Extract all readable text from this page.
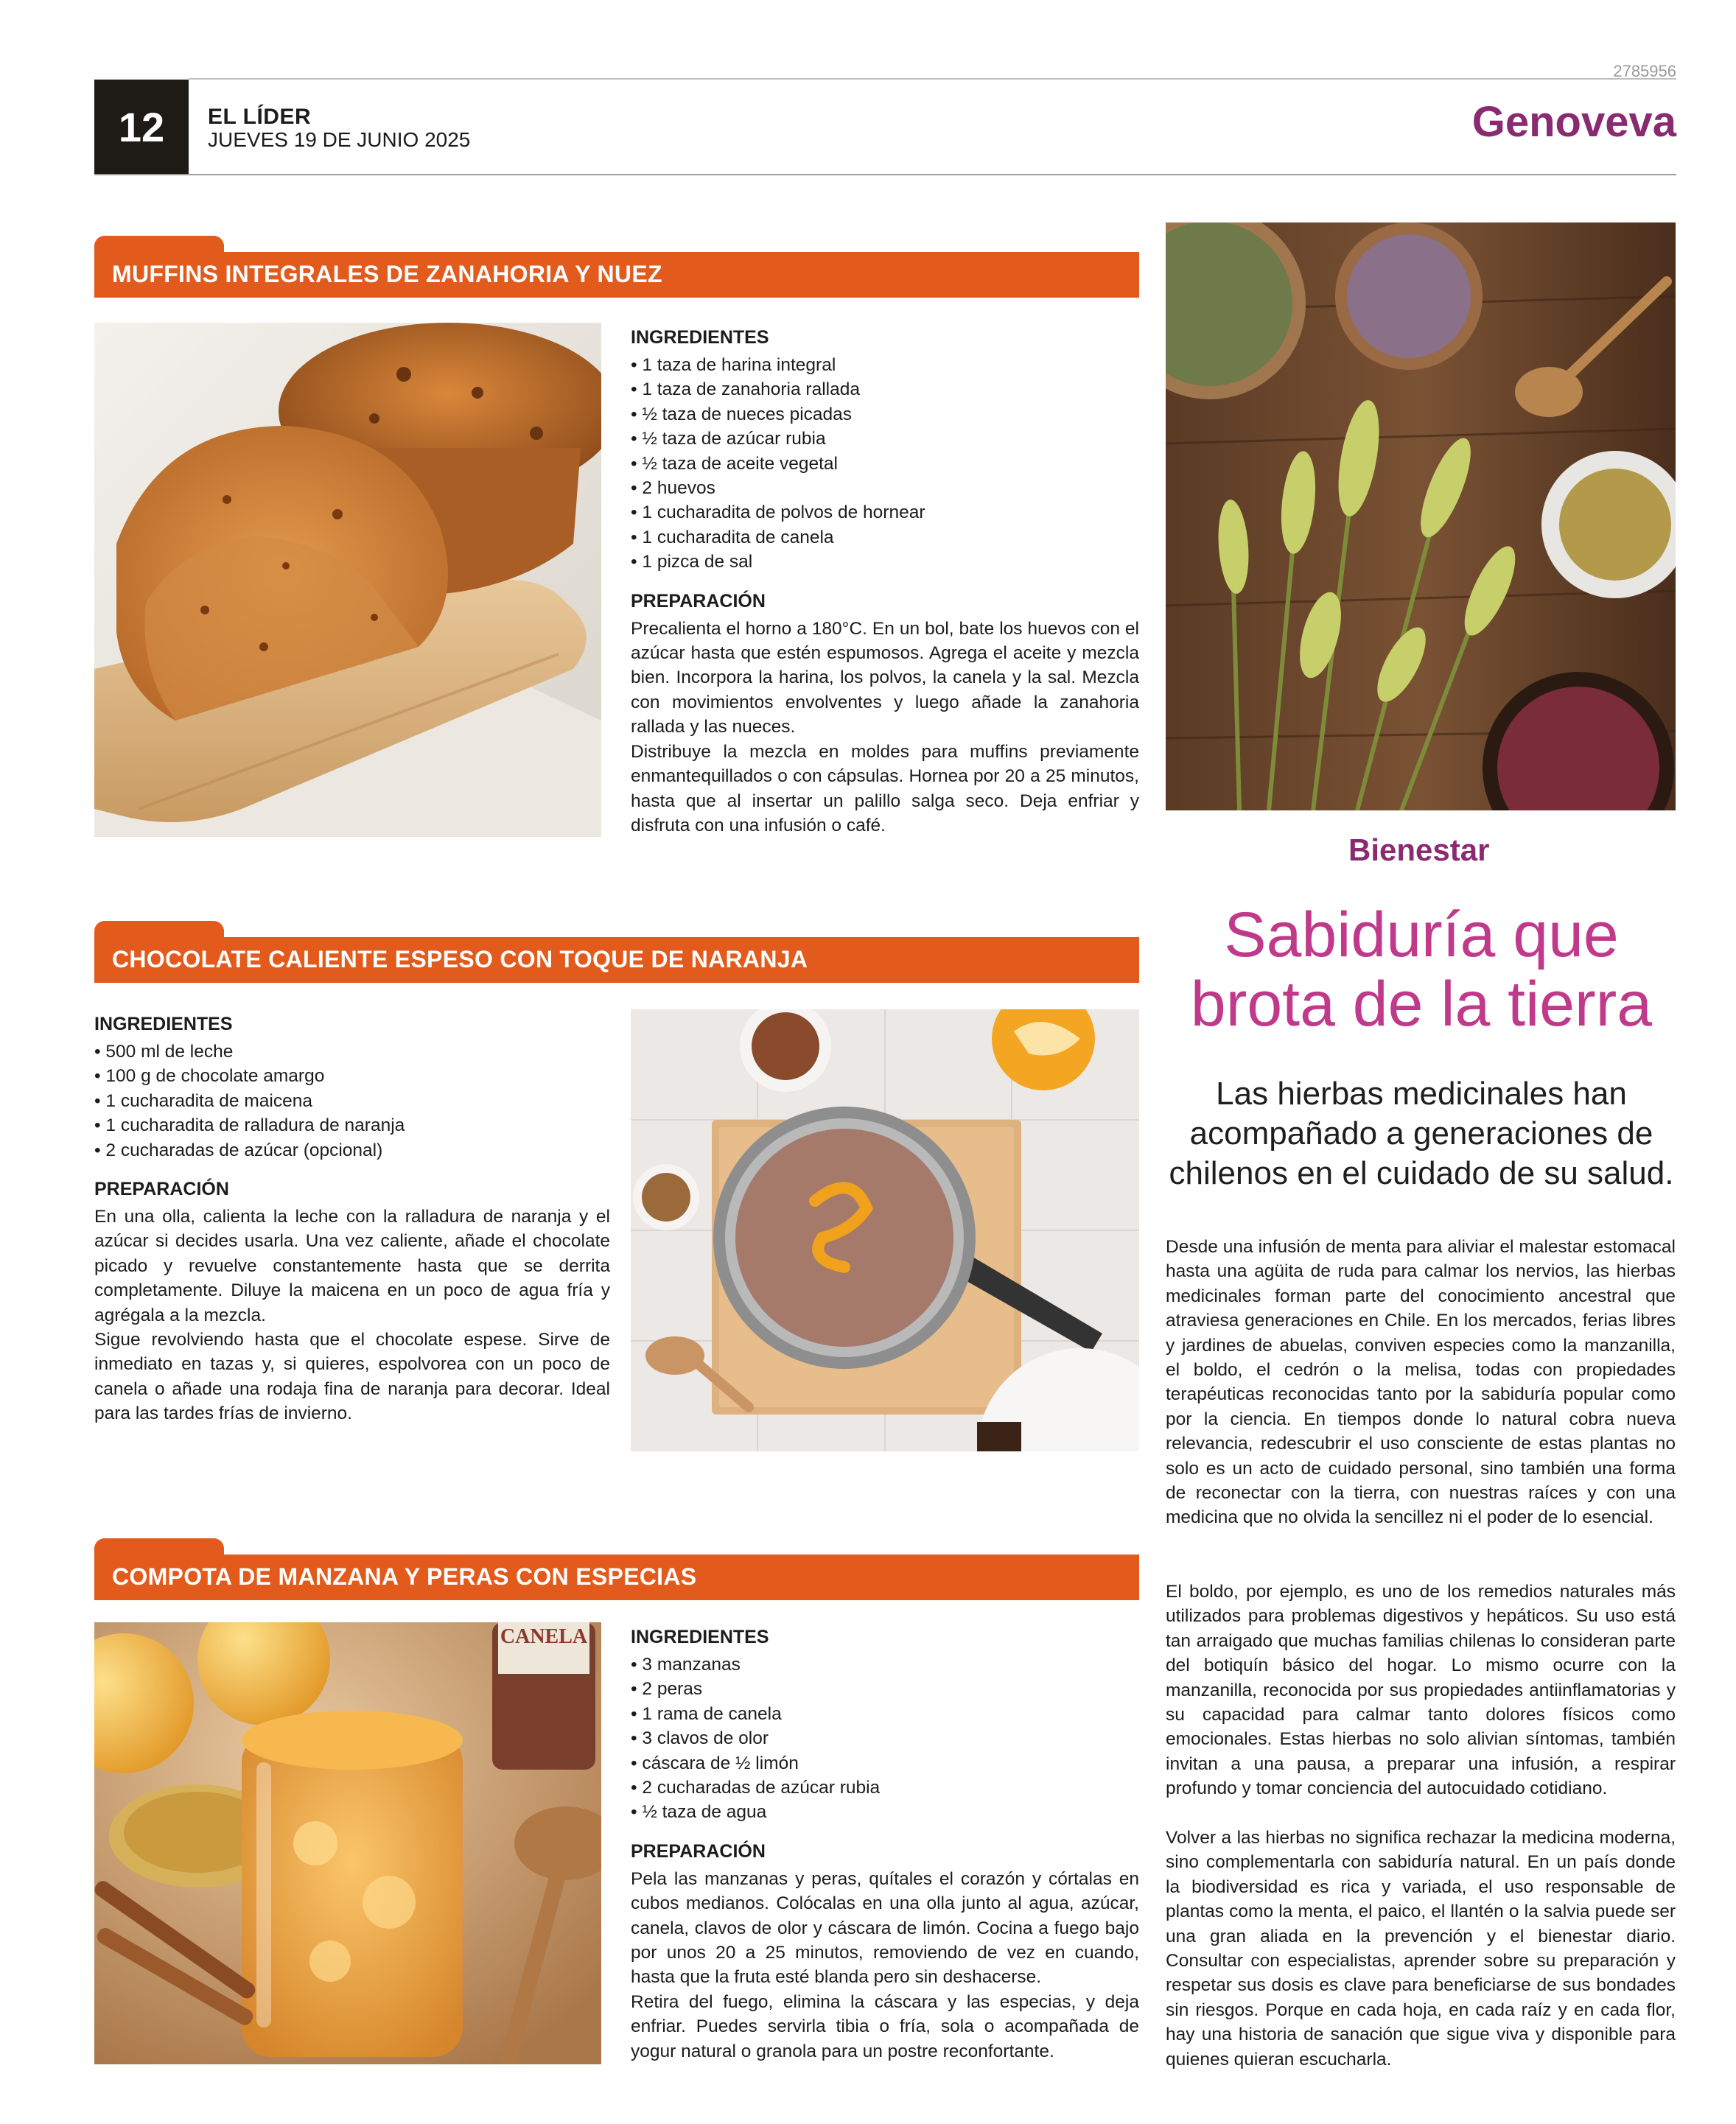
2785956
12	EL LÍDER
JUEVES 19 DE JUNIO 2025	Genoveva
MUFFINS INTEGRALES DE ZANAHORIA Y NUEZ
INGREDIENTES
• 1 taza de harina integral
• 1 taza de zanahoria rallada
• ½ taza de nueces picadas
• ½ taza de azúcar rubia
• ½ taza de aceite vegetal
• 2 huevos
• 1 cucharadita de polvos de hornear
• 1 cucharadita de canela
• 1 pizca de sal
PREPARACIÓN

Precalienta el horno a 180°C. En un bol, bate los huevos con el azúcar hasta que estén espumosos. Agrega el aceite y mezcla bien. Incorpora la harina, los polvos, la canela y la sal. Mezcla con movimientos envolventes y luego añade la zanahoria rallada y las nueces.

Distribuye la mezcla en moldes para muffins previamente enmantequillados o con cápsulas. Hornea por 20 a 25 minutos, hasta que al insertar un palillo salga seco. Deja enfriar y disfruta con una infusión o café.

CHOCOLATE CALIENTE ESPESO CON TOQUE DE NARANJA
INGREDIENTES
• 500 ml de leche
• 100 g de chocolate amargo
• 1 cucharadita de maicena
• 1 cucharadita de ralladura de naranja
• 2 cucharadas de azúcar (opcional)
PREPARACIÓN

En una olla, calienta la leche con la ralladura de naranja y el azúcar si decides usarla. Una vez caliente, añade el chocolate picado y revuelve constantemente hasta que se derrita completamente. Diluye la maicena en un poco de agua fría y agrégala a la mezcla.

Sigue revolviendo hasta que el chocolate espese. Sirve de inmediato en tazas y, si quieres, espolvorea con un poco de canela o añade una rodaja fina de naranja para decorar. Ideal para las tardes frías de invierno.

COMPOTA DE MANZANA Y PERAS CON ESPECIAS
CANELA INGREDIENTES
• 3 manzanas
• 2 peras
• 1 rama de canela
• 3 clavos de olor
• cáscara de ½ limón
• 2 cucharadas de azúcar rubia
• ½ taza de agua
PREPARACIÓN

Pela las manzanas y peras, quítales el corazón y córtalas en cubos medianos. Colócalas en una olla junto al agua, azúcar, canela, clavos de olor y cáscara de limón. Cocina a fuego bajo por unos 20 a 25 minutos, removiendo de vez en cuando, hasta que la fruta esté blanda pero sin deshacerse.

Retira del fuego, elimina la cáscara y las especias, y deja enfriar. Puedes servirla tibia o fría, sola o acompañada de yogur natural o granola para un postre reconfortante.

Bienestar
Sabiduría que brota de la tierra
Las hierbas medicinales han acompañado a generaciones de chilenos en el cuidado de su salud.

Desde una infusión de menta para aliviar el malestar estomacal hasta una agüita de ruda para calmar los nervios, las hierbas medicinales forman parte del conocimiento ancestral que atraviesa generaciones en Chile. En los mercados, ferias libres y jardines de abuelas, conviven especies como la manzanilla, el boldo, el cedrón o la melisa, todas con propiedades terapéuticas reconocidas tanto por la sabiduría popular como por la ciencia. En tiempos donde lo natural cobra nueva relevancia, redescubrir el uso consciente de estas plantas no solo es un acto de cuidado personal, sino también una forma de reconectar con la tierra, con nuestras raíces y con una medicina que no olvida la sencillez ni el poder de lo esencial.

El boldo, por ejemplo, es uno de los remedios naturales más utilizados para problemas digestivos y hepáticos. Su uso está tan arraigado que muchas familias chilenas lo consideran parte del botiquín básico del hogar. Lo mismo ocurre con la manzanilla, reconocida por sus propiedades antiinflamatorias y su capacidad para calmar tanto dolores físicos como emocionales. Estas hierbas no solo alivian síntomas, también invitan a una pausa, a preparar una infusión, a respirar profundo y tomar conciencia del autocuidado cotidiano.

Volver a las hierbas no significa rechazar la medicina moderna, sino complementarla con sabiduría natural. En un país donde la biodiversidad es rica y variada, el uso responsable de plantas como la menta, el paico, el llantén o la salvia puede ser una gran aliada en la prevención y el bienestar diario. Consultar con especialistas, aprender sobre su preparación y respetar sus dosis es clave para beneficiarse de sus bondades sin riesgos. Porque en cada hoja, en cada raíz y en cada flor, hay una historia de sanación que sigue viva y disponible para quienes quieran escucharla.
